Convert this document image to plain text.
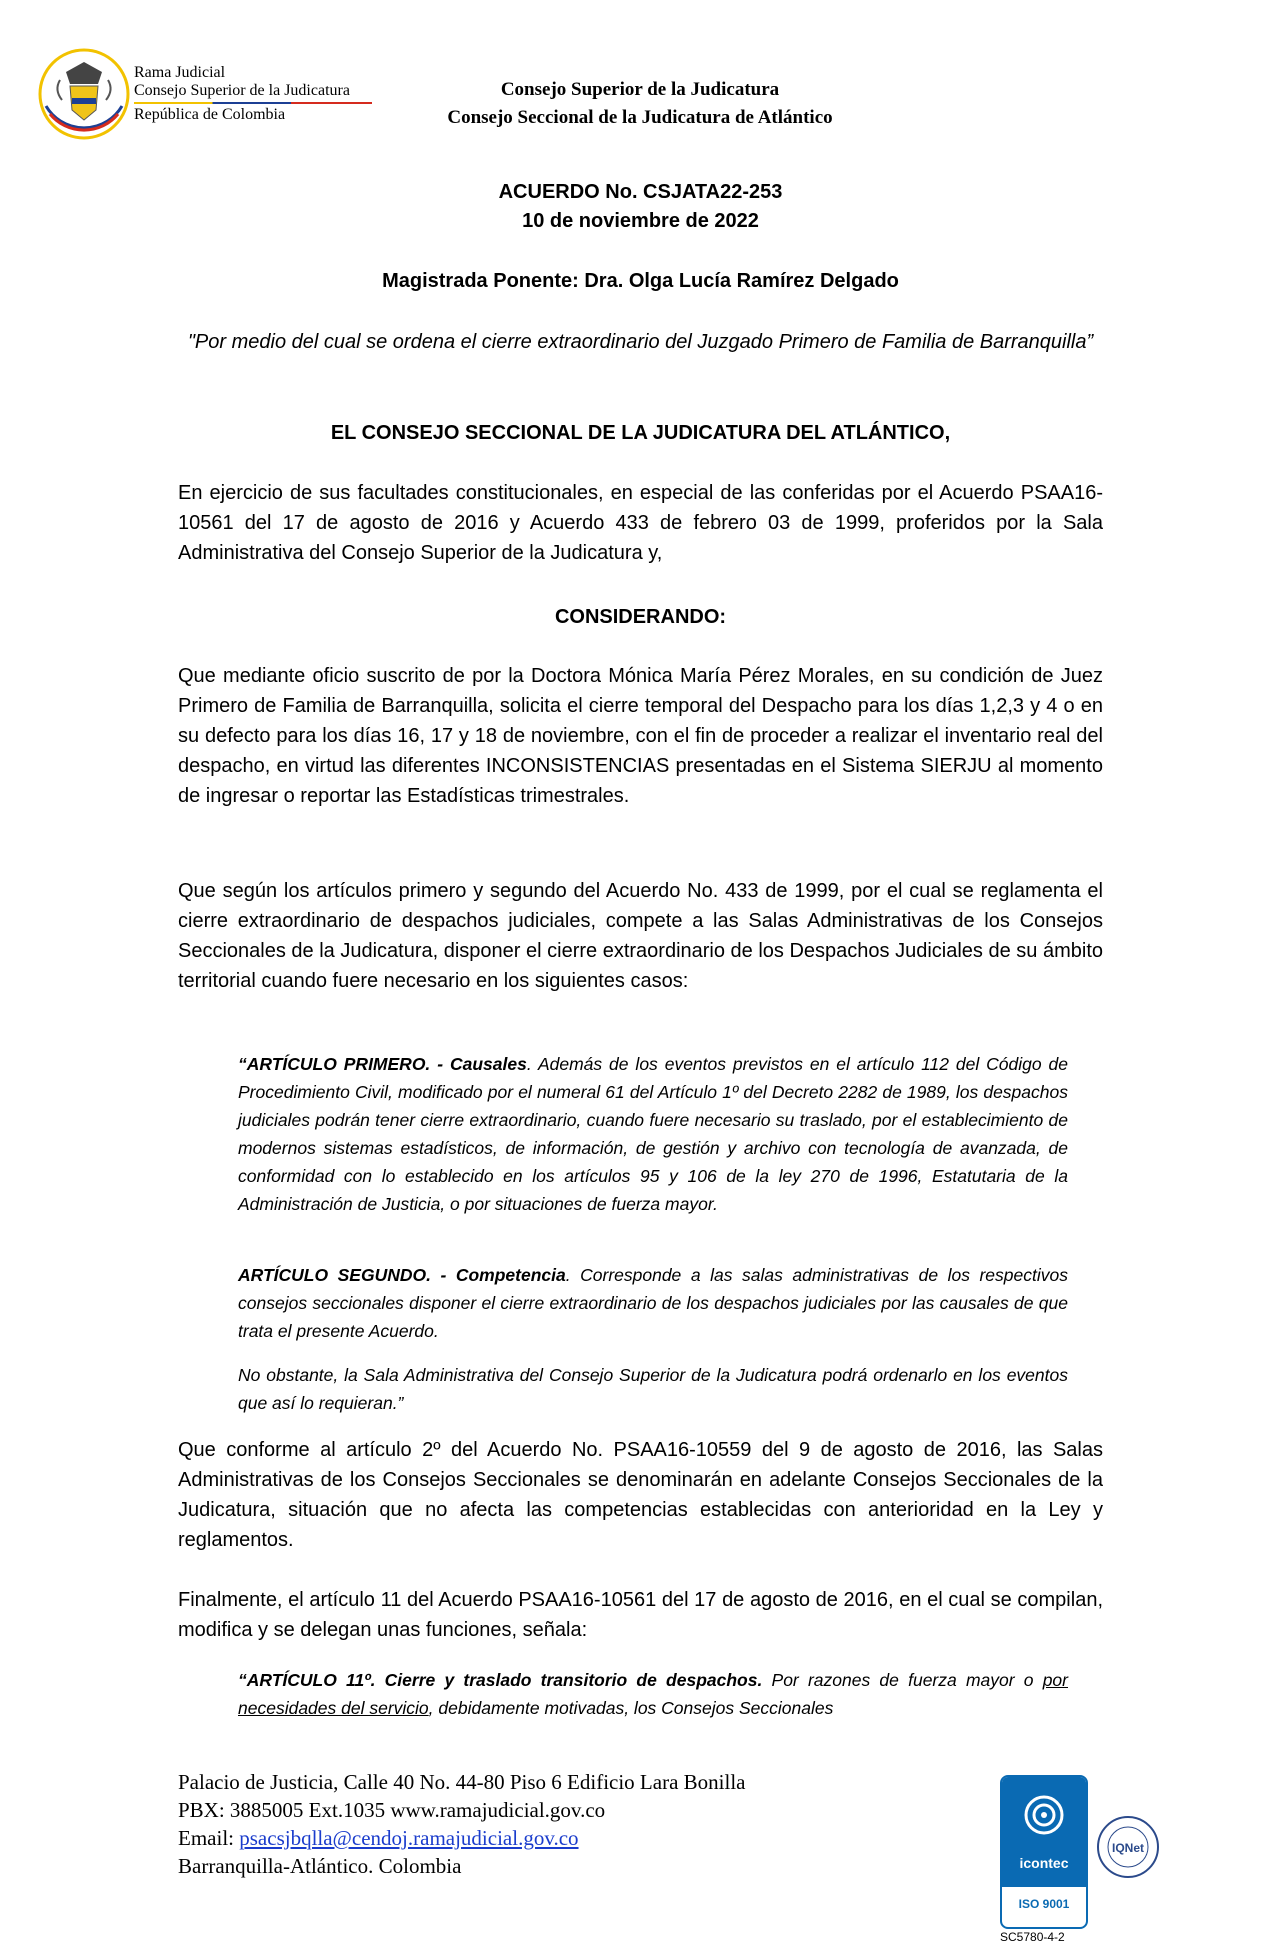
Rama Judicial
Consejo Superior de la Judicatura
República de Colombia
Consejo Superior de la Judicatura
Consejo Seccional de la Judicatura de Atlántico
ACUERDO No. CSJATA22-253
10 de noviembre de 2022
Magistrada Ponente: Dra. Olga Lucía Ramírez Delgado
"Por medio del cual se ordena el cierre extraordinario del Juzgado Primero de Familia de Barranquilla”
EL CONSEJO SECCIONAL DE LA JUDICATURA DEL ATLÁNTICO,
En ejercicio de sus facultades constitucionales, en especial de las conferidas por el Acuerdo PSAA16-10561 del 17 de agosto de 2016 y Acuerdo 433 de febrero 03 de 1999, proferidos por la Sala Administrativa del Consejo Superior de la Judicatura y,
CONSIDERANDO:
Que mediante oficio suscrito de por la Doctora Mónica María Pérez Morales, en su condición de Juez Primero de Familia de Barranquilla, solicita el cierre temporal del Despacho para los días 1,2,3 y 4 o en su defecto para los días 16, 17 y 18 de noviembre, con el fin de proceder a realizar el inventario real del despacho, en virtud las diferentes INCONSISTENCIAS presentadas en el Sistema SIERJU al momento de ingresar o reportar las Estadísticas trimestrales.
Que según los artículos primero y segundo del Acuerdo No. 433 de 1999, por el cual se reglamenta el cierre extraordinario de despachos judiciales, compete a las Salas Administrativas de los Consejos Seccionales de la Judicatura, disponer el cierre extraordinario de los Despachos Judiciales de su ámbito territorial cuando fuere necesario en los siguientes casos:
“ARTÍCULO PRIMERO. - Causales. Además de los eventos previstos en el artículo 112 del Código de Procedimiento Civil, modificado por el numeral 61 del Artículo 1º del Decreto 2282 de 1989, los despachos judiciales podrán tener cierre extraordinario, cuando fuere necesario su traslado, por el establecimiento de modernos sistemas estadísticos, de información, de gestión y archivo con tecnología de avanzada, de conformidad con lo establecido en los artículos 95 y 106 de la ley 270 de 1996, Estatutaria de la Administración de Justicia, o por situaciones de fuerza mayor.
ARTÍCULO SEGUNDO. - Competencia. Corresponde a las salas administrativas de los respectivos consejos seccionales disponer el cierre extraordinario de los despachos judiciales por las causales de que trata el presente Acuerdo.
No obstante, la Sala Administrativa del Consejo Superior de la Judicatura podrá ordenarlo en los eventos que así lo requieran.”
Que conforme al artículo 2º del Acuerdo No. PSAA16-10559 del 9 de agosto de 2016, las Salas Administrativas de los Consejos Seccionales se denominarán en adelante Consejos Seccionales de la Judicatura, situación que no afecta las competencias establecidas con anterioridad en la Ley y reglamentos.
Finalmente, el artículo 11 del Acuerdo PSAA16-10561 del 17 de agosto de 2016, en el cual se compilan, modifica y se delegan unas funciones, señala:
“ARTÍCULO 11º. Cierre y traslado transitorio de despachos. Por razones de fuerza mayor o por necesidades del servicio, debidamente motivadas, los Consejos Seccionales
Palacio de Justicia, Calle 40 No. 44-80 Piso 6 Edificio Lara Bonilla
PBX: 3885005 Ext.1035 www.ramajudicial.gov.co
Email: psacsjbqlla@cendoj.ramajudicial.gov.co
Barranquilla-Atlántico. Colombia	icontec
ISO 9001
IQNet
SC5780-4-2
